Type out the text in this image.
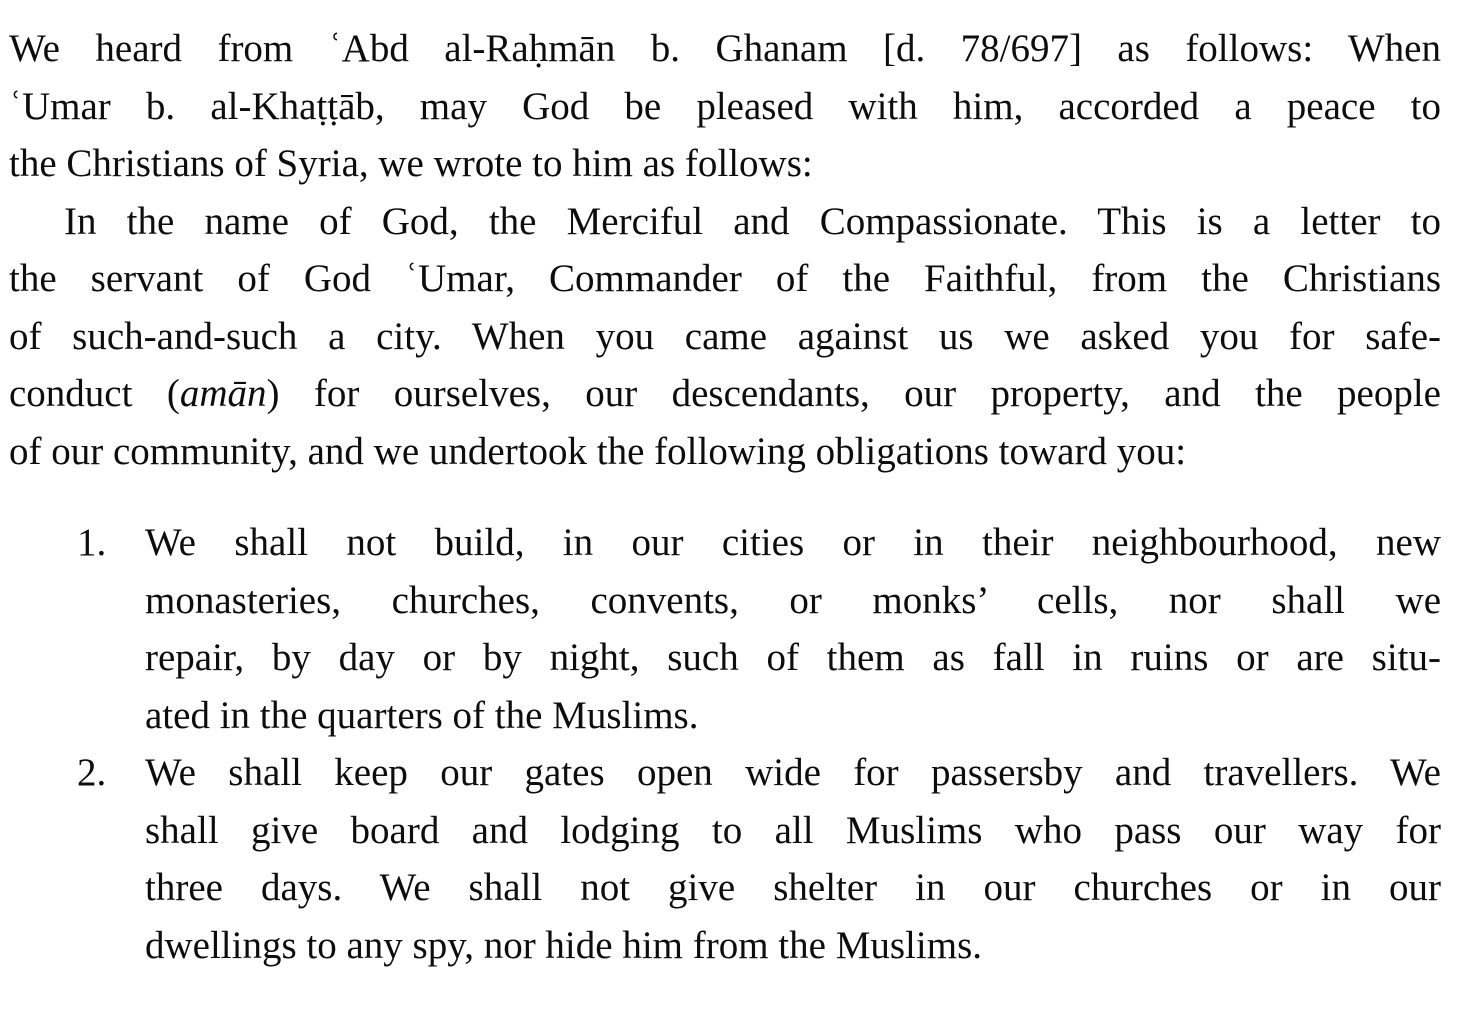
We heard from ʿAbd al-Raḥmān b. Ghanam [d. 78/697] as follows: When
ʿUmar b. al-Khaṭṭāb, may God be pleased with him, accorded a peace to
the Christians of Syria, we wrote to him as follows:
In the name of God, the Merciful and Compassionate. This is a letter to
the servant of God ʿUmar, Commander of the Faithful, from the Christians
of such-and-such a city. When you came against us we asked you for safe-
conduct (amān) for ourselves, our descendants, our property, and the people
of our community, and we undertook the following obligations toward you:
1. We shall not build, in our cities or in their neighbourhood, new
monasteries, churches, convents, or monks’ cells, nor shall we
repair, by day or by night, such of them as fall in ruins or are situ-
ated in the quarters of the Muslims.
2. We shall keep our gates open wide for passersby and travellers. We
shall give board and lodging to all Muslims who pass our way for
three days. We shall not give shelter in our churches or in our
dwellings to any spy, nor hide him from the Muslims.
